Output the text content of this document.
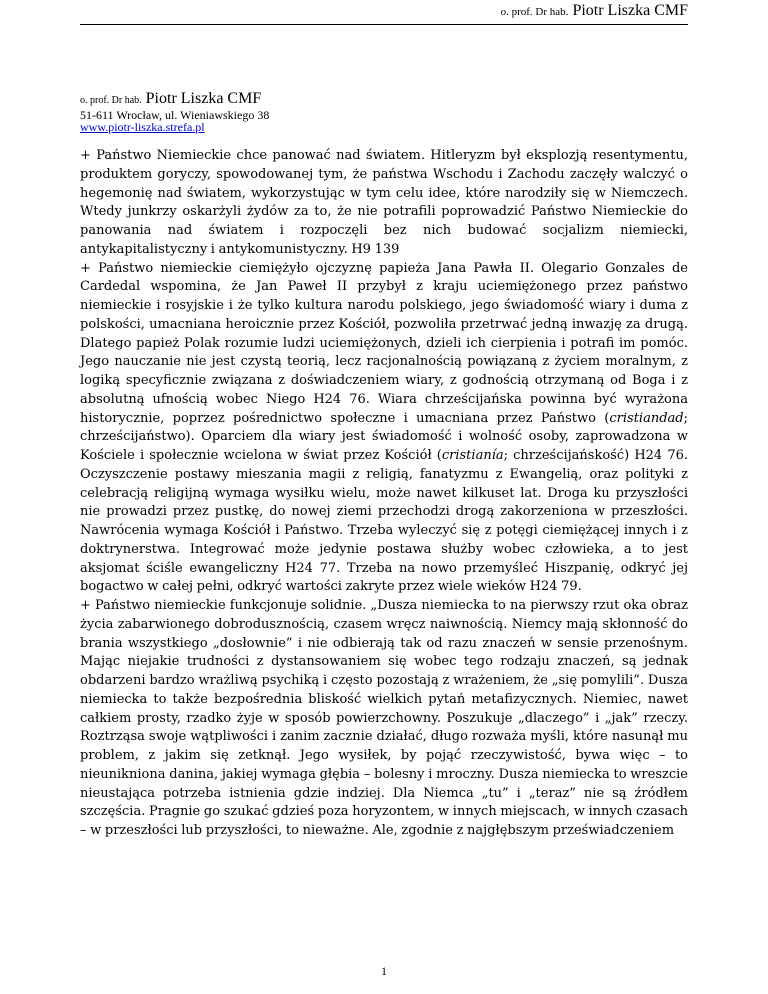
o. prof. Dr hab. Piotr Liszka CMF
o. prof. Dr hab. Piotr Liszka CMF
51-611 Wrocław, ul. Wieniawskiego 38
www.piotr-liszka.strefa.pl

+ Państwo Niemieckie chce panować nad światem. Hitleryzm był eksplozją resentymentu, produktem goryczy, spowodowanej tym, że państwa Wschodu i Zachodu zaczęły walczyć o hegemonię nad światem, wykorzystując w tym celu idee, które narodziły się w Niemczech. Wtedy junkrzy oskarżyli żydów za to, że nie potrafili poprowadzić Państwo Niemieckie do panowania nad światem i rozpoczęli bez nich budować socjalizm niemiecki, antykapitalistyczny i antykomunistyczny. H9 139

+ Państwo niemieckie ciemiężyło ojczyznę papieża Jana Pawła II. Olegario Gonzales de Cardedal wspomina, że Jan Paweł II przybył z kraju uciemiężonego przez państwo niemieckie i rosyjskie i że tylko kultura narodu polskiego, jego świadomość wiary i duma z polskości, umacniana heroicznie przez Kościół, pozwoliła przetrwać jedną inwazję za drugą. Dlatego papież Polak rozumie ludzi uciemiężonych, dzieli ich cierpienia i potrafi im pomóc. Jego nauczanie nie jest czystą teorią, lecz racjonalnością powiązaną z życiem moralnym, z logiką specyficznie związana z doświadczeniem wiary, z godnością otrzymaną od Boga i z absolutną ufnością wobec Niego H24 76. Wiara chrześcijańska powinna być wyrażona historycznie, poprzez pośrednictwo społeczne i umacniana przez Państwo (cristiandad; chrześcijaństwo). Oparciem dla wiary jest świadomość i wolność osoby, zaprowadzona w Kościele i społecznie wcielona w świat przez Kościół (cristianía; chrześcijańskość) H24 76. Oczyszczenie postawy mieszania magii z religią, fanatyzmu z Ewangelią, oraz polityki z celebracją religijną wymaga wysiłku wielu, może nawet kilkuset lat. Droga ku przyszłości nie prowadzi przez pustkę, do nowej ziemi przechodzi drogą zakorzeniona w przeszłości. Nawrócenia wymaga Kościół i Państwo. Trzeba wyleczyć się z potęgi ciemiężącej innych i z doktrynerstwa. Integrować może jedynie postawa służby wobec człowieka, a to jest aksjomat ściśle ewangeliczny H24 77. Trzeba na nowo przemyśleć Hiszpanię, odkryć jej bogactwo w całej pełni, odkryć wartości zakryte przez wiele wieków H24 79.

+ Państwo niemieckie funkcjonuje solidnie. „Dusza niemiecka to na pierwszy rzut oka obraz życia zabarwionego dobrodusznością, czasem wręcz naiwnością. Niemcy mają skłonność do brania wszystkiego „dosłownie” i nie odbierają tak od razu znaczeń w sensie przenośnym. Mając niejakie trudności z dystansowaniem się wobec tego rodzaju znaczeń, są jednak obdarzeni bardzo wrażliwą psychiką i często pozostają z wrażeniem, że „się pomylili”. Dusza niemiecka to także bezpośrednia bliskość wielkich pytań metafizycznych. Niemiec, nawet całkiem prosty, rzadko żyje w sposób powierzchowny. Poszukuje „dlaczego” i „jak” rzeczy. Roztrząsa swoje wątpliwości i zanim zacznie działać, długo rozważa myśli, które nasunął mu problem, z jakim się zetknął. Jego wysiłek, by pojąć rzeczywistość, bywa więc – to nieunikniona danina, jakiej wymaga głębia – bolesny i mroczny. Dusza niemiecka to wreszcie nieustająca potrzeba istnienia gdzie indziej. Dla Niemca „tu” i „teraz” nie są źródłem szczęścia. Pragnie go szukać gdzieś poza horyzontem, w innych miejscach, w innych czasach – w przeszłości lub przyszłości, to nieważne. Ale, zgodnie z najgłębszym przeświadczeniem

1
